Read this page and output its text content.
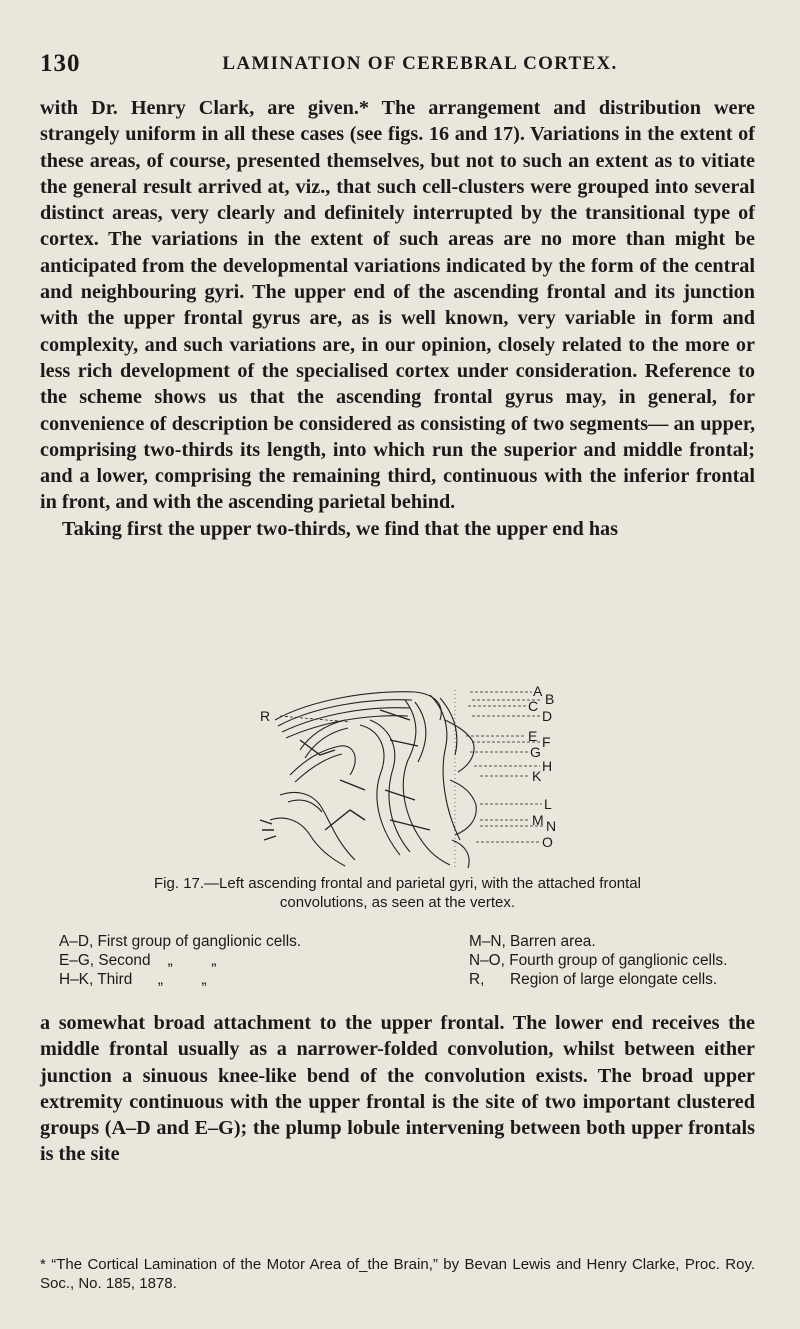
130	LAMINATION OF CEREBRAL CORTEX.

with Dr. Henry Clark, are given.* The arrangement and distribution were strangely uniform in all these cases (see figs. 16 and 17). Variations in the extent of these areas, of course, presented themselves, but not to such an extent as to vitiate the general result arrived at, viz., that such cell-clusters were grouped into several distinct areas, very clearly and definitely interrupted by the transitional type of cortex. The variations in the extent of such areas are no more than might be anticipated from the developmental variations indicated by the form of the central and neighbouring gyri. The upper end of the ascending frontal and its junction with the upper frontal gyrus are, as is well known, very variable in form and complexity, and such variations are, in our opinion, closely related to the more or less rich development of the specialised cortex under consideration. Reference to the scheme shows us that the ascending frontal gyrus may, in general, for convenience of description be considered as consisting of two segments— an upper, comprising two-thirds its length, into which run the superior and middle frontal; and a lower, comprising the remaining third, continuous with the inferior frontal in front, and with the ascending parietal behind.

Taking first the upper two-thirds, we find that the upper end has

R
A B
C
D
E F
G
H
K
L
M N
O
Fig. 17.—Left ascending frontal and parietal gyri, with the attached frontal
convolutions, as seen at the vertex.
A–D, First group of ganglionic cells.	M–N, Barren area.
E–G, Second    „         „	N–O, Fourth group of ganglionic cells.
H–K, Third      „         „	R,      Region of large elongate cells.

a somewhat broad attachment to the upper frontal. The lower end receives the middle frontal usually as a narrower-folded convolution, whilst between either junction a sinuous knee-like bend of the convolution exists. The broad upper extremity continuous with the upper frontal is the site of two important clustered groups (A–D and E–G); the plump lobule intervening between both upper frontals is the site

* “The Cortical Lamination of the Motor Area of_the Brain,” by Bevan Lewis and Henry Clarke, Proc. Roy. Soc., No. 185, 1878.
